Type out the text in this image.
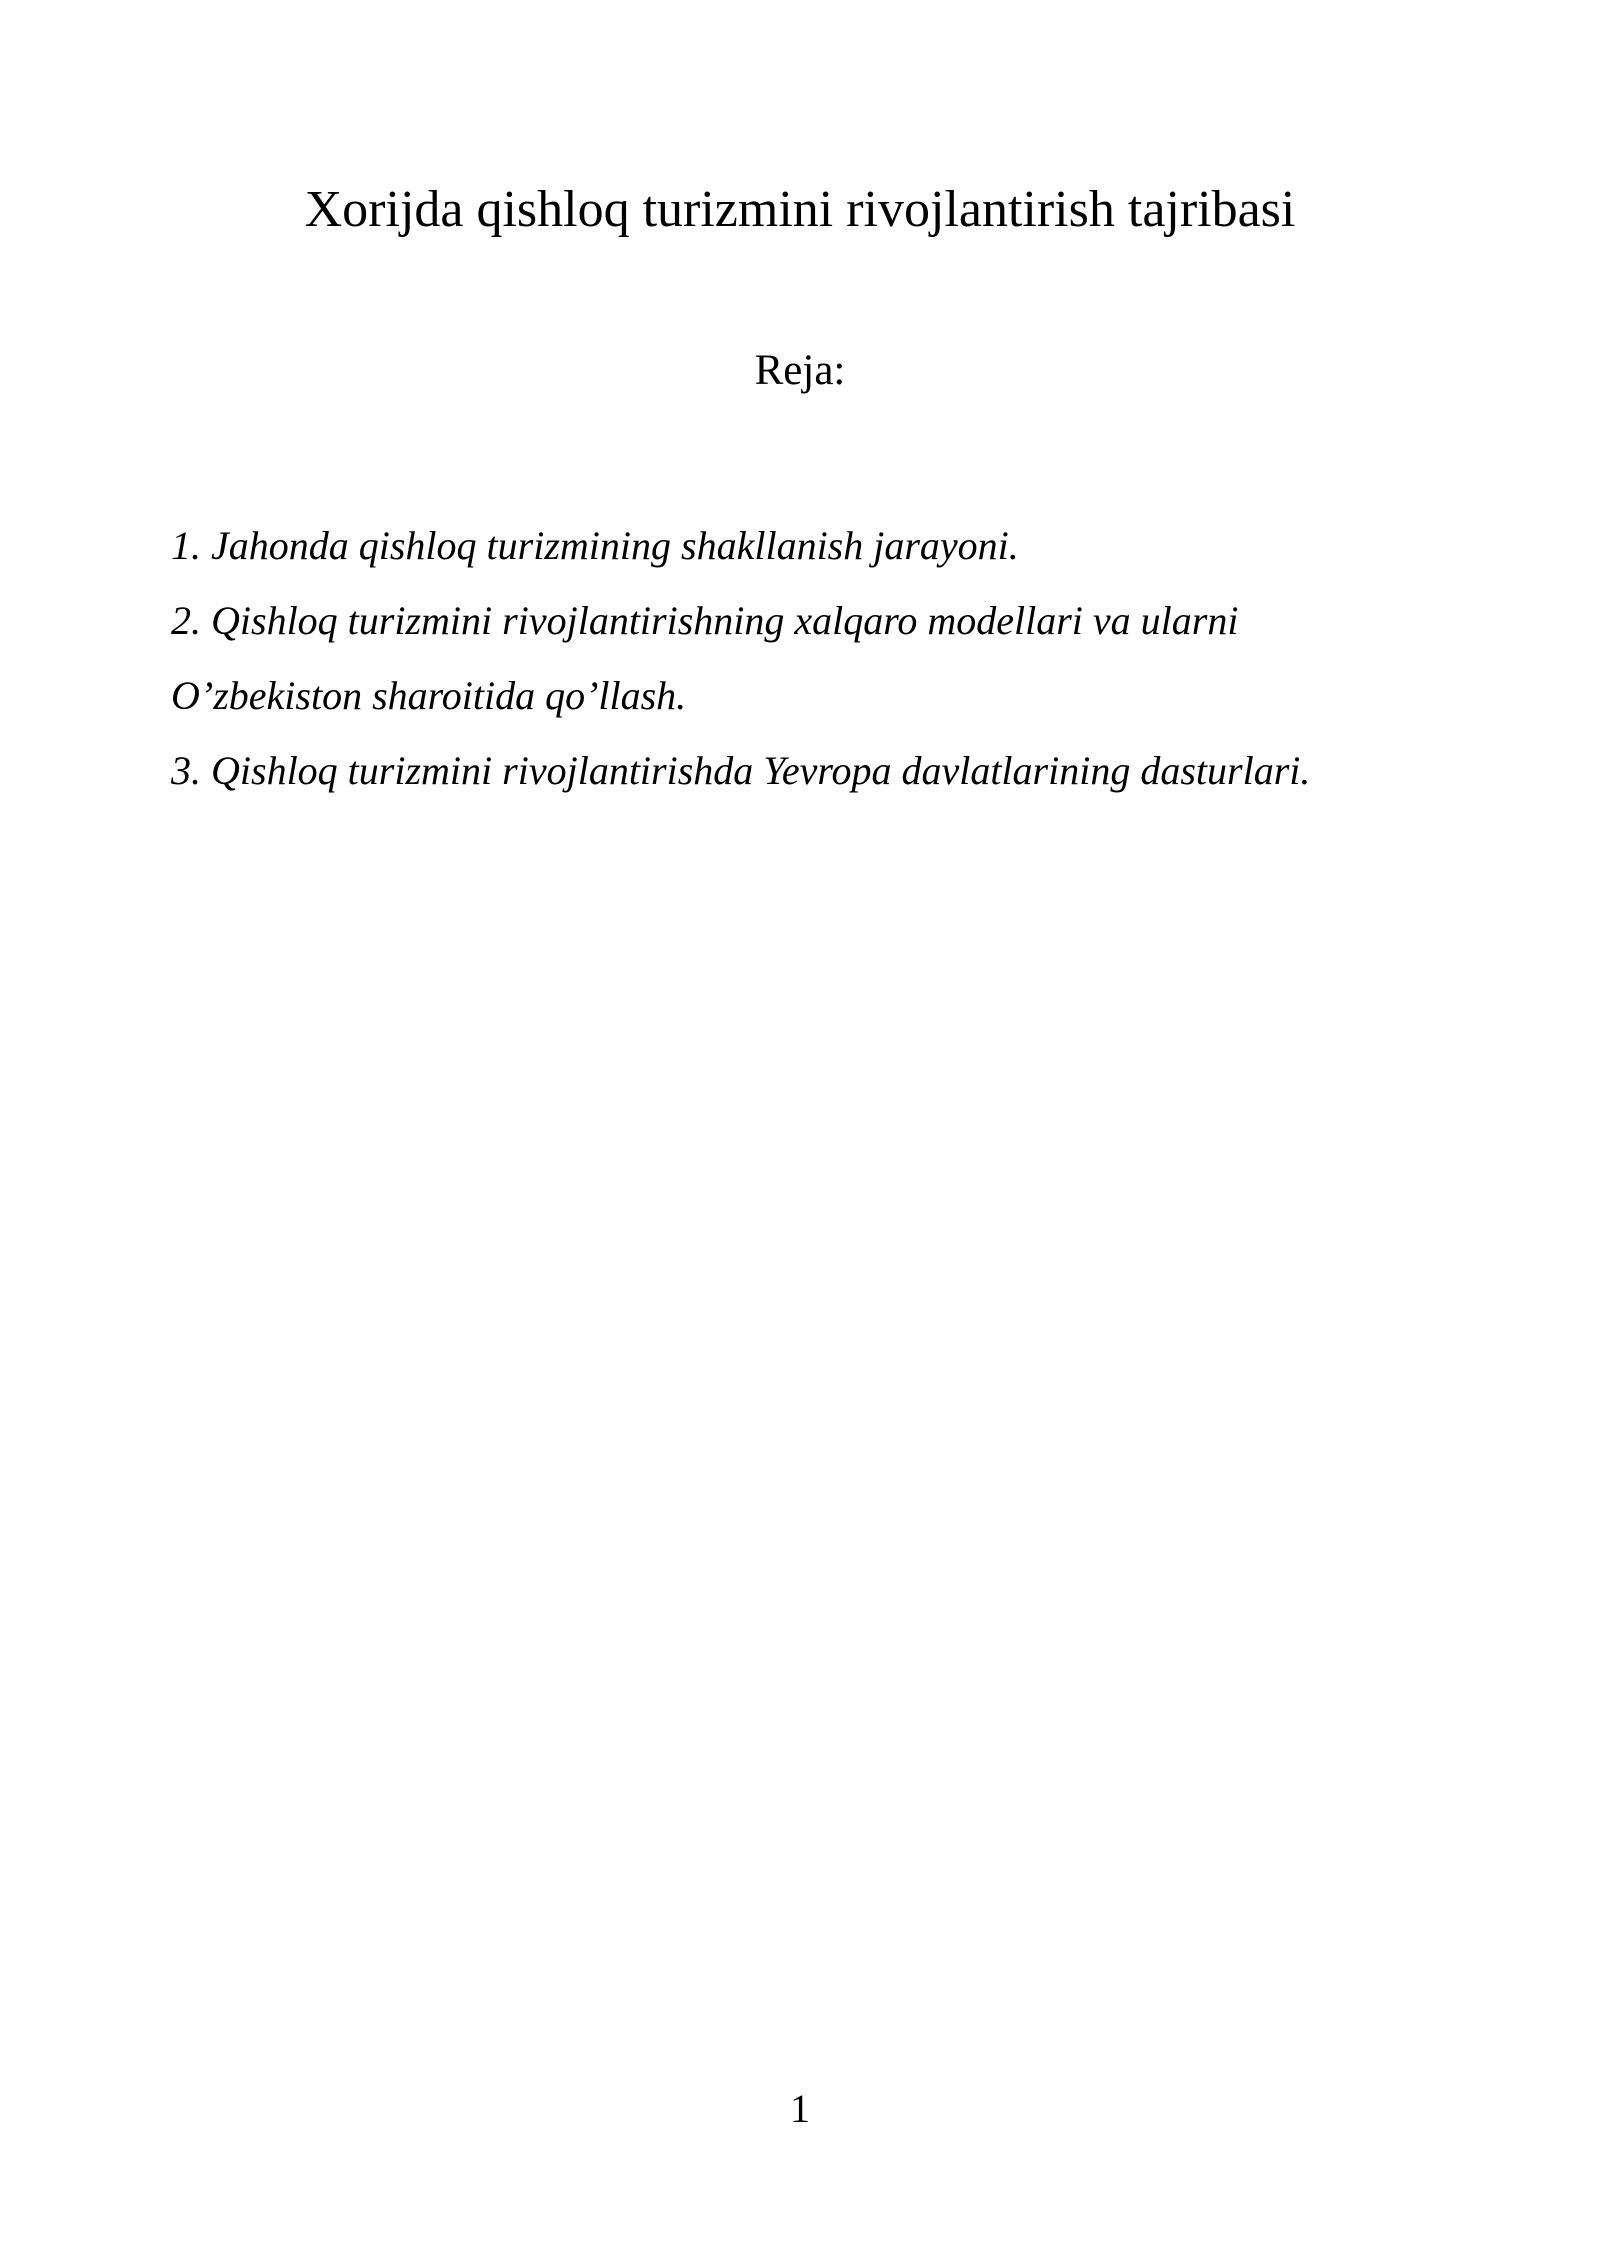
Xorijda qishloq turizmini rivojlantirish tajribasi
Reja:
1. Jahonda qishloq turizmining shakllanish jarayoni.
2. Qishloq turizmini rivojlantirishning xalqaro modellari va ularni
O’zbekiston sharoitida qo’llash.
3. Qishloq turizmini rivojlantirishda Yevropa davlatlarining dasturlari.
1
